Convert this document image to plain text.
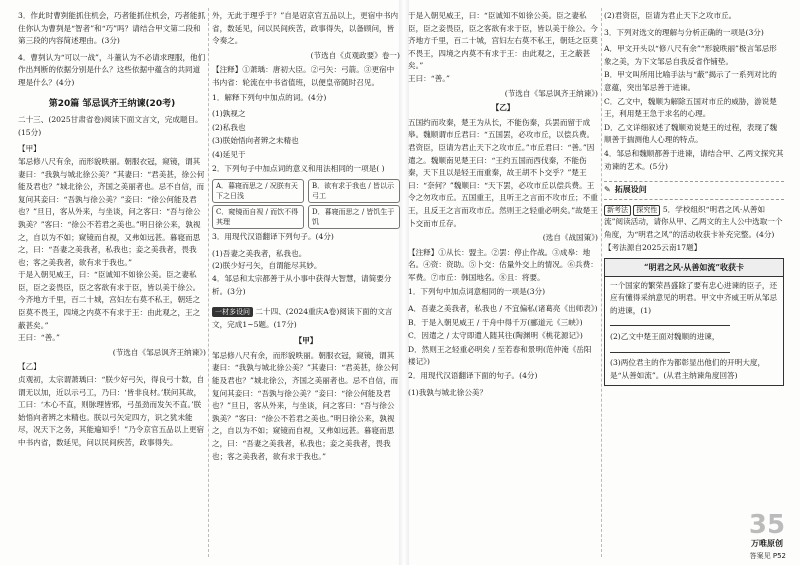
3．作此时曹刿能抓住机会，巧者能抓住机会，巧者能抓住你认为曹刿是“智者”和“巧”吗？请结合甲文第二段和第三段的内容简述理由。(3分)

4．曹刿认为“可以一战”，斗董认为不必请求理服，他们作出判断的依据分别是什么？这些依据中蕴含的共同道理是什么？(4分)

第20篇 邹忌讽齐王纳谏(20考)

二十三、(2025甘肃省卷)阅读下面文言文，完成题目。(15分)

【甲】

邹忌修八尺有余，而形貌昳丽。朝服衣冠，窥镜，谓其妻曰：“我孰与城北徐公美？”其妻曰：“君美甚，徐公何能及君也？”城北徐公，齐国之美丽者也。忌不自信，而复问其妾曰：“吾孰与徐公美？”妾曰：“徐公何能及君也？”旦日，客从外来，与坐谈，问之客曰：“吾与徐公孰美？”客曰：“徐公不若君之美也。”明日徐公来，孰视之，自以为不如；窥镜而自视，又弗如远甚。暮寝而思之，曰：“吾妻之美我者，私我也；妾之美我者，畏我也；客之美我者，欲有求于我也。”

于是入朝见威王，曰：“臣诚知不如徐公美。臣之妻私臣，臣之妾畏臣，臣之客欲有求于臣，皆以美于徐公。今齐地方千里，百二十城，宫妇左右莫不私王，朝廷之臣莫不畏王，四境之内莫不有求于王：由此观之，王之蔽甚矣。”

王曰：“善。”

(节选自《邹忌讽齐王纳谏》)

【乙】

贞观初，太宗谓萧瑀曰：“朕少好弓矢，得良弓十数，自谓无以加，近以示弓工，乃曰：‘皆非良材。’朕问其故，工曰：‘木心不直，则脉理皆邪，弓虽劲而发矢不直。’朕始悟向者辨之未精也。朕以弓矢定四方，识之犹未能尽，况天下之务，其能遍知乎！”乃令京官五品以上更宿中书内省，数延见，问以民间疾苦，政事得失。

外，无此于理乎于？”自是诏京官五品以上，更宿中书内省，数延见，问以民间疾苦，政事得失，以备顾问，皆令奏之。

(节选自《贞观政要》卷一)

【注释】①萧瑀：唐初大臣。②弓矢：弓箭。③更宿中书内省：轮流在中书省值班，以便皇帝随时召见。

1．解释下列句中加点的词。(4分)

(1)孰视之

(2)私我也

(3)朕始悟向者辨之未精也

(4)延见于

2．下列句子中加点词的意义和用法相同的一项是( )

A．暮寝而思之 / 况朕有天下之日浅
B．欲有求于我也 / 皆以示弓工
C．窥镜而自视 / 而饮不得其理
D．暮寝而思之 / 皆饥生于饥

3．用现代汉语翻译下列句子。(4分)

(1)吾妻之美我者，私我也。

(2)朕少好弓矢，自谓能尽其妙。

4．邹忌和太宗都善于从小事中获得大智慧，请简要分析。(3分)

一材多设问 二十四、(2024重庆A卷)阅读下面的文言文，完成1~5题。(17分)

【甲】

邹忌修八尺有余，而形貌昳丽。朝服衣冠，窥镜，谓其妻曰：“我孰与城北徐公美？”其妻曰：“君美甚，徐公何能及君也？”城北徐公，齐国之美丽者也。忌不自信，而复问其妾曰：“吾孰与徐公美？”妾曰：“徐公何能及君也？”旦日，客从外来，与坐谈，问之客曰：“吾与徐公孰美？”客曰：“徐公不若君之美也。”明日徐公来，孰视之，自以为不如；窥镜而自视，又弗如远甚。暮寝而思之，曰：“吾妻之美我者，私我也；妾之美我者，畏我也；客之美我者，欲有求于我也。”

于是入朝见威王，曰：“臣诚知不如徐公美。臣之妻私臣，臣之妾畏臣，臣之客欲有求于臣，皆以美于徐公。今齐地方千里，百二十城，宫妇左右莫不私王，朝廷之臣莫不畏王，四境之内莫不有求于王：由此观之，王之蔽甚矣。”

王曰：“善。”

(节选自《邹忌讽齐王纳谏》)

【乙】

五国约而攻秦，楚王为从长，不能伤秦，兵罢而留于成皋。魏顺谓市丘君曰：“五国罢，必攻市丘，以偿兵费。君资臣，臣请为君止天下之攻市丘。”市丘君曰：“善。”因遣之。魏顺南见楚王曰：“王约五国而西伐秦，不能伤秦，天下且以是轻王而重秦，故王胡不卜交乎？”楚王曰：“奈何？”魏顺曰：“天下罢，必攻市丘以偿兵费。王令之勿攻市丘。五国重王，且听王之言而不攻市丘；不重王，且反王之言而攻市丘。然则王之轻重必明矣。”故楚王卜交而市丘存。

(选自《战国策》)

【注释】①从长：盟主。②罢：停止作战。③成皋：地名。④资：资助。⑤卜交：估量外交上的情况。⑥兵费：军费。⑦市丘：韩国地名。⑧且：将要。

1．下列句中加点词意相同的一项是(3分)

A．吾妻之美我者，私我也 / 不宜偏私(诸葛亮《出师表》)

B．于是入朝见威王 / 于舟中得千万(郦道元《三峡》)

C．因遣之 / 太守即遣人随其往(陶渊明《桃花源记》)

D．然则王之轻重必明矣 / 至若春和景明(范仲淹《岳阳楼记》)

2．用现代汉语翻译下面的句子。(4分)

(1)我孰与城北徐公美？

(2)君资臣，臣请为君止天下之攻市丘。

3．下列对选文的理解与分析正确的一项是(3分)

A．甲文开头以“修八尺有余”“形貌昳丽”极言邹忌形象之美，为下文邹忌自我反省作铺垫。

B．甲文叫所用比喻手法与“蔽”揭示了一系列对比的意蕴，突出邹忌善于进谏。

C．乙文中，魏顺为解除五国对市丘的威胁，游说楚王，利用楚王急于求名的心理。

D．乙文详细叙述了魏顺劝说楚王的过程，表现了魏顺善于揣测他人心理的特点。

4．邹忌和魏顺都善于进谏，请结合甲、乙两文探究其劝谏的艺术。(5分)

✎ 拓展设问

新考法 探究性 5．学校组织“明君之风·从善如流”阅读活动，请你从甲、乙两文的主人公中选取一个角度，为“明君之风”的活动收获卡补充完整。(4分)【考法源自2025云南17题】

“明君之风·从善如流”收获卡

一个国家的繁荣昌盛除了要有忠心进谏的臣子，还应有懂得采纳意见的明君。甲文中齐威王听从邹忌的进谏，(1)

(2)乙文中楚王面对魏顺的进谏，

(3)两位君主的作为都彰显出他们的开明大度，是“从善如流”。(从君主纳谏角度回答)

35
万唯原创
答案见 P52
